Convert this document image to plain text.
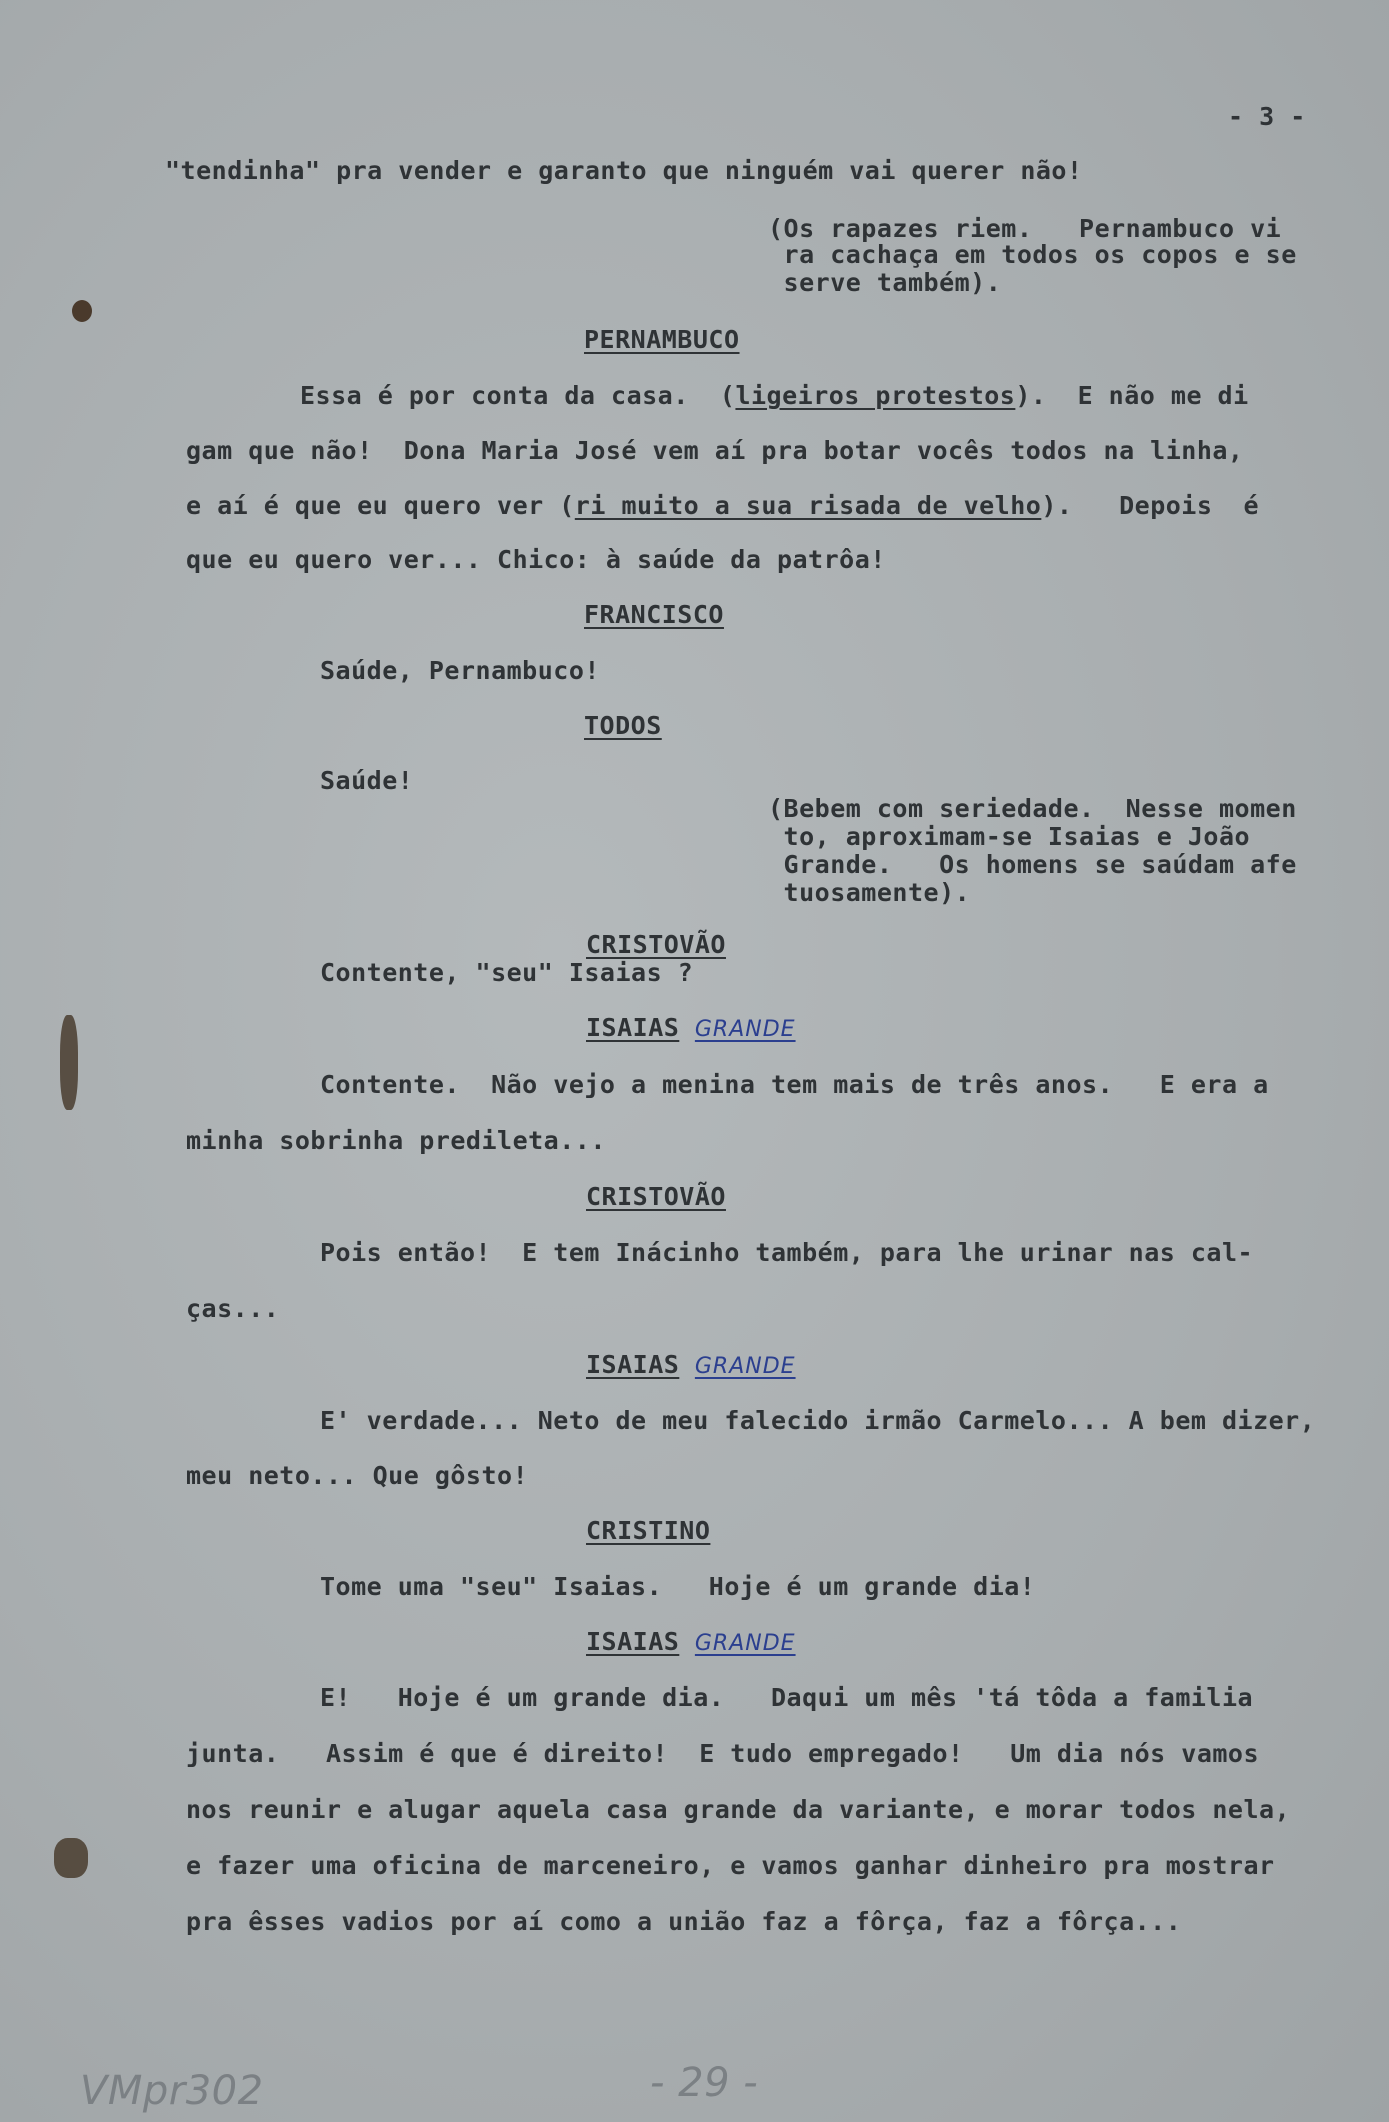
- 3 -
"tendinha" pra vender e garanto que ninguém vai querer não!
(Os rapazes riem.   Pernambuco vi
ra cachaça em todos os copos e se
serve também).
PERNAMBUCO
Essa é por conta da casa.  (ligeiros protestos).  E não me di
gam que não!  Dona Maria José vem aí pra botar vocês todos na linha,
e aí é que eu quero ver (ri muito a sua risada de velho).   Depois  é
que eu quero ver... Chico: à saúde da patrôa!
FRANCISCO
Saúde, Pernambuco!
TODOS
Saúde!
(Bebem com seriedade.  Nesse momen
to, aproximam-se Isaias e João
Grande.   Os homens se saúdam afe
tuosamente).
CRISTOVÃO
Contente, "seu" Isaias ?
ISAIAS GRANDE
Contente.  Não vejo a menina tem mais de três anos.   E era a
minha sobrinha predileta...
CRISTOVÃO
Pois então!  E tem Inácinho também, para lhe urinar nas cal-
ças...
ISAIAS GRANDE
E' verdade... Neto de meu falecido irmão Carmelo... A bem dizer,
meu neto... Que gôsto!
CRISTINO
Tome uma "seu" Isaias.   Hoje é um grande dia!
ISAIAS GRANDE
E!   Hoje é um grande dia.   Daqui um mês 'tá tôda a familia
junta.   Assim é que é direito!  E tudo empregado!   Um dia nós vamos
nos reunir e alugar aquela casa grande da variante, e morar todos nela,
e fazer uma oficina de marceneiro, e vamos ganhar dinheiro pra mostrar
pra êsses vadios por aí como a união faz a fôrça, faz a fôrça...
VMpr302	- 29 -
